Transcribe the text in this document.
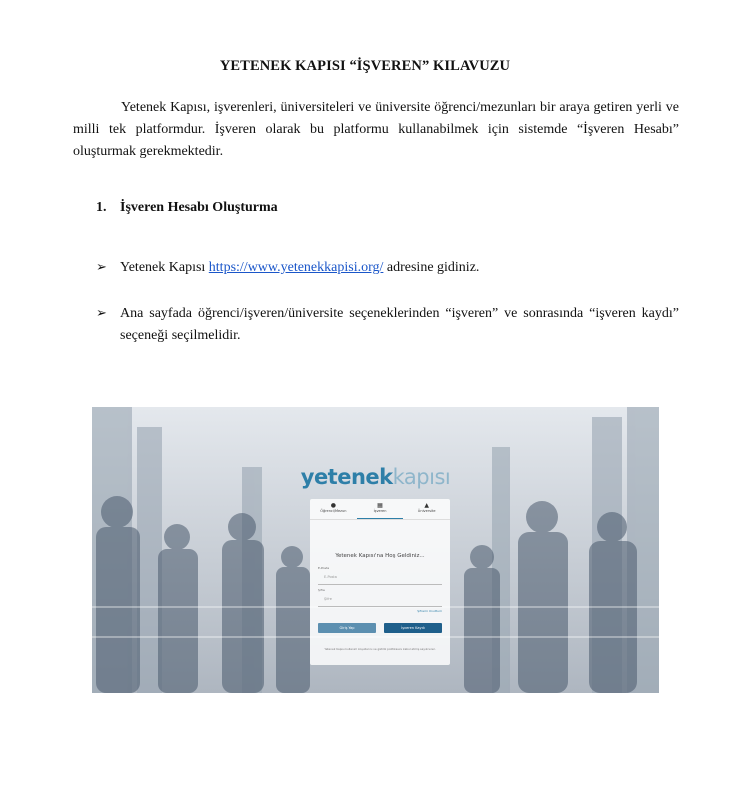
YETENEK KAPISI “İŞVEREN” KILAVUZU

Yetenek Kapısı, işverenleri, üniversiteleri ve üniversite öğrenci/mezunları bir araya getiren yerli ve milli tek platformdur. İşveren olarak bu platformu kullanabilmek için sistemde “İşveren Hesabı” oluşturmak gerekmektedir.

1. İşveren Hesabı Oluşturma
➢ Yetenek Kapısı https://www.yetenekkapisi.org/ adresine gidiniz.
➢ Ana sayfada öğrenci/işveren/üniversite seçeneklerinden “işveren” ve sonrasında “işveren kaydı” seçeneği seçilmelidir.
yetenekkapısı
●
Öğrenci/Mezun
▦
İşveren
▲
Üniversite
Yetenek Kapısı'na Hoş Geldiniz...
E-Posta
E-Posta
Şifre
Şifre
Şifremi Unuttum
Giriş Yap	İşveren Kaydı
Yetenek Kapısı kullanım koşullarını ve gizlilik politikasını kabul etmiş sayılırsınız.
